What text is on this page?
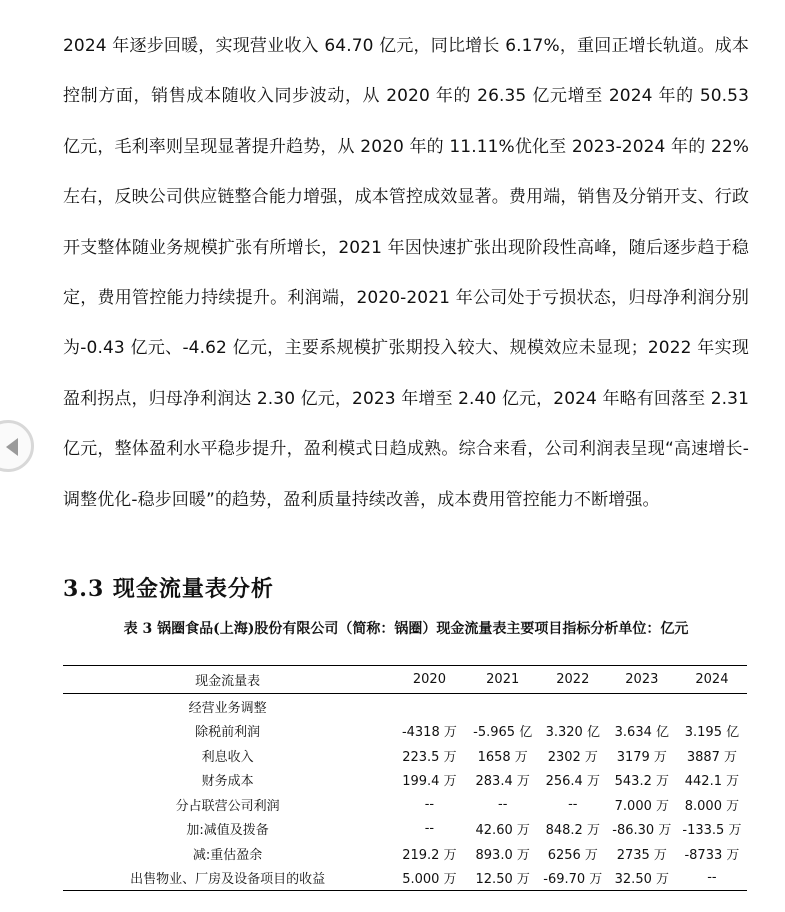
2024 年逐步回暖，实现营业收入 64.70 亿元，同比增长 6.17%，重回正增长轨道。成本控制方面，销售成本随收入同步波动，从 2020 年的 26.35 亿元增至 2024 年的 50.53 亿元，毛利率则呈现显著提升趋势，从 2020 年的 11.11%优化至 2023-2024 年的 22%左右，反映公司供应链整合能力增强，成本管控成效显著。费用端，销售及分销开支、行政开支整体随业务规模扩张有所增长，2021 年因快速扩张出现阶段性高峰，随后逐步趋于稳定，费用管控能力持续提升。利润端，2020-2021 年公司处于亏损状态，归母净利润分别为-0.43 亿元、-4.62 亿元，主要系规模扩张期投入较大、规模效应未显现；2022 年实现盈利拐点，归母净利润达 2.30 亿元，2023 年增至 2.40 亿元，2024 年略有回落至 2.31 亿元，整体盈利水平稳步提升，盈利模式日趋成熟。综合来看，公司利润表呈现“高速增长-调整优化-稳步回暖”的趋势，盈利质量持续改善，成本费用管控能力不断增强。

3.3 现金流量表分析

表 3 锅圈食品(上海)股份有限公司（简称：锅圈）现金流量表主要项目指标分析单位：亿元

现金流量表	2020	2021	2022	2023	2024
经营业务调整					
除税前利润	-4318 万	-5.965 亿	3.320 亿	3.634 亿	3.195 亿
利息收入	223.5 万	1658 万	2302 万	3179 万	3887 万
财务成本	199.4 万	283.4 万	256.4 万	543.2 万	442.1 万
分占联营公司利润	--	--	--	7.000 万	8.000 万
加:减值及拨备	--	42.60 万	848.2 万	-86.30 万	-133.5 万
减:重估盈余	219.2 万	893.0 万	6256 万	2735 万	-8733 万
出售物业、厂房及设备项目的收益	5.000 万	12.50 万	-69.70 万	32.50 万	--
